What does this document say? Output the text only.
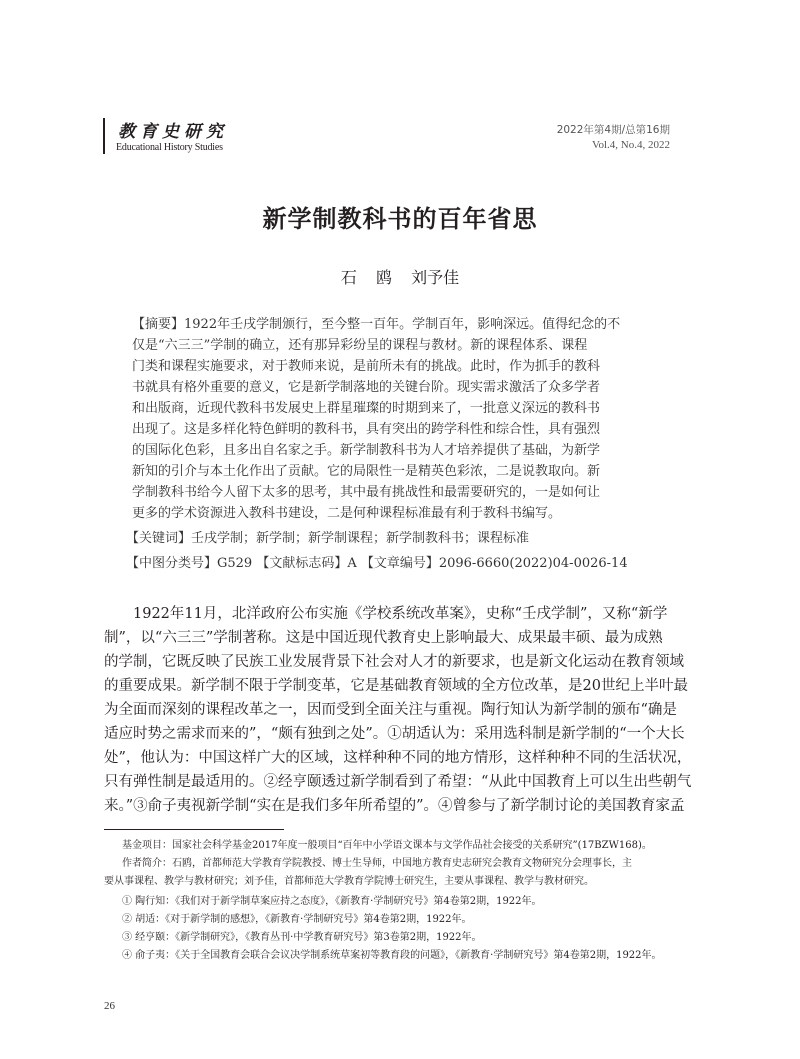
教育史研究
Educational History Studies
2022年第4期/总第16期
Vol.4, No.4, 2022
新学制教科书的百年省思
石 鸥 刘予佳
【摘要】1922年壬戌学制颁行，至今整一百年。学制百年，影响深远。值得纪念的不
仅是“六三三”学制的确立，还有那异彩纷呈的课程与教材。新的课程体系、课程
门类和课程实施要求，对于教师来说，是前所未有的挑战。此时，作为抓手的教科
书就具有格外重要的意义，它是新学制落地的关键台阶。现实需求激活了众多学者
和出版商，近现代教科书发展史上群星璀璨的时期到来了，一批意义深远的教科书
出现了。这是多样化特色鲜明的教科书，具有突出的跨学科性和综合性，具有强烈
的国际化色彩，且多出自名家之手。新学制教科书为人才培养提供了基础，为新学
新知的引介与本土化作出了贡献。它的局限性一是精英色彩浓，二是说教取向。新
学制教科书给今人留下太多的思考，其中最有挑战性和最需要研究的，一是如何让
更多的学术资源进入教科书建设，二是何种课程标准最有利于教科书编写。
【关键词】壬戌学制；新学制；新学制课程；新学制教科书；课程标准
【中图分类号】G529 【文献标志码】A 【文章编号】2096-6660(2022)04-0026-14
1922年11月，北洋政府公布实施《学校系统改革案》，史称“壬戌学制”，又称“新学
制”，以“六三三”学制著称。这是中国近现代教育史上影响最大、成果最丰硕、最为成熟
的学制，它既反映了民族工业发展背景下社会对人才的新要求，也是新文化运动在教育领域
的重要成果。新学制不限于学制变革，它是基础教育领域的全方位改革，是20世纪上半叶最
为全面而深刻的课程改革之一，因而受到全面关注与重视。陶行知认为新学制的颁布“确是
适应时势之需求而来的”，“颇有独到之处”。①胡适认为：采用选科制是新学制的“一个大长
处”，他认为：中国这样广大的区域，这样种种不同的地方情形，这样种种不同的生活状况，
只有弹性制是最适用的。②经亨颐透过新学制看到了希望：“从此中国教育上可以生出些朝气
来。”③俞子夷视新学制“实在是我们多年所希望的”。④曾参与了新学制讨论的美国教育家孟
基金项目：国家社会科学基金2017年度一般项目“百年中小学语文课本与文学作品社会接受的关系研究”(17BZW168)。
作者简介：石鸥，首都师范大学教育学院教授、博士生导师，中国地方教育史志研究会教育文物研究分会理事长，主
要从事课程、教学与教材研究；刘予佳，首都师范大学教育学院博士研究生，主要从事课程、教学与教材研究。
① 陶行知：《我们对于新学制草案应持之态度》，《新教育·学制研究号》第4卷第2期，1922年。
② 胡适：《对于新学制的感想》，《新教育·学制研究号》第4卷第2期，1922年。
③ 经亨颐：《新学制研究》，《教育丛刊·中学教育研究号》第3卷第2期，1922年。
④ 俞子夷：《关于全国教育会联合会议决学制系统草案初等教育段的问题》，《新教育·学制研究号》第4卷第2期，1922年。
26
